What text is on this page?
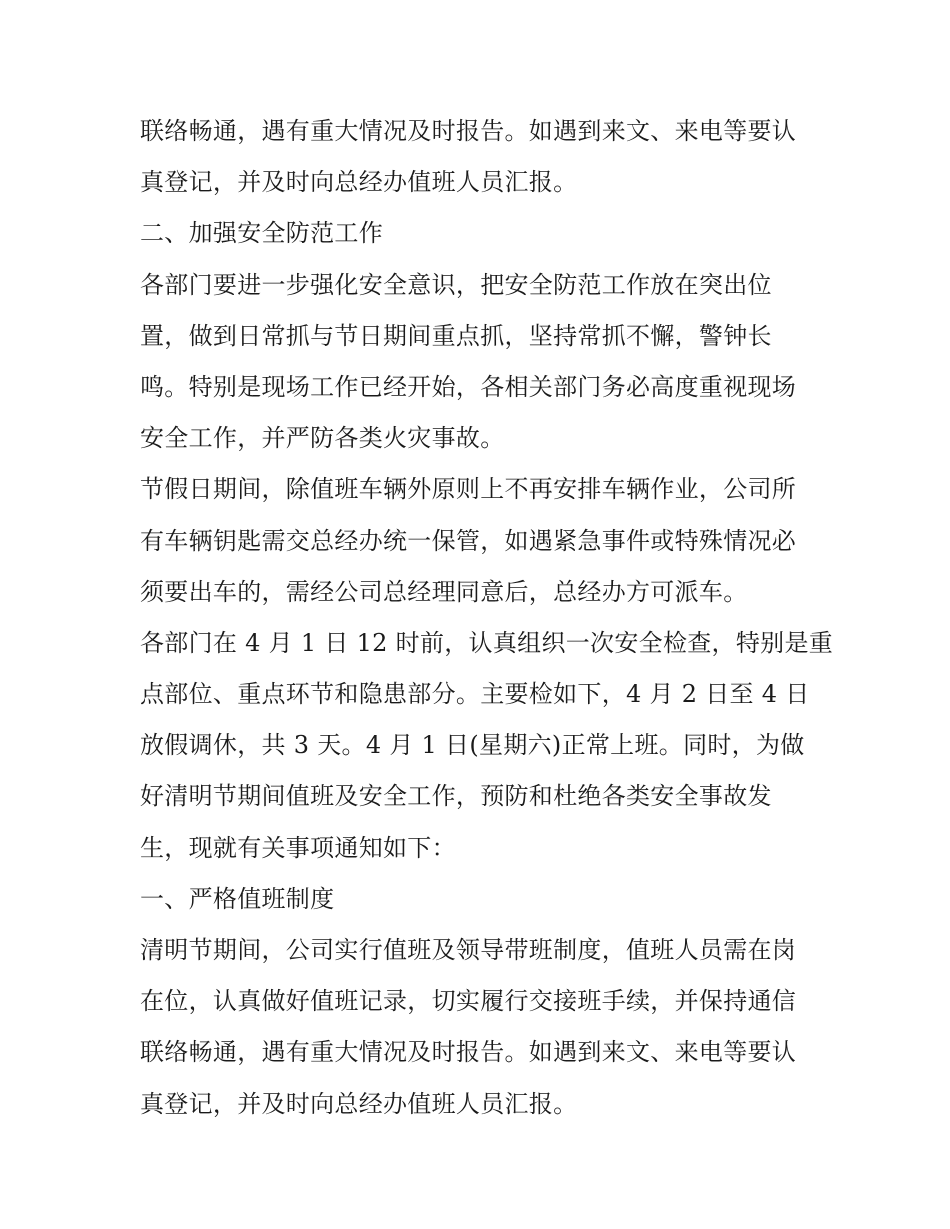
联络畅通，遇有重大情况及时报告。如遇到来文、来电等要认
真登记，并及时向总经办值班人员汇报。
二、加强安全防范工作
各部门要进一步强化安全意识，把安全防范工作放在突出位
置，做到日常抓与节日期间重点抓，坚持常抓不懈，警钟长
鸣。特别是现场工作已经开始，各相关部门务必高度重视现场
安全工作，并严防各类火灾事故。
节假日期间，除值班车辆外原则上不再安排车辆作业，公司所
有车辆钥匙需交总经办统一保管，如遇紧急事件或特殊情况必
须要出车的，需经公司总经理同意后，总经办方可派车。
各部门在 4 月 1 日 12 时前，认真组织一次安全检查，特别是重
点部位、重点环节和隐患部分。主要检如下，4 月 2 日至 4 日
放假调休，共 3 天。4 月 1 日(星期六)正常上班。同时，为做
好清明节期间值班及安全工作，预防和杜绝各类安全事故发
生，现就有关事项通知如下：
一、严格值班制度
清明节期间，公司实行值班及领导带班制度，值班人员需在岗
在位，认真做好值班记录，切实履行交接班手续，并保持通信
联络畅通，遇有重大情况及时报告。如遇到来文、来电等要认
真登记，并及时向总经办值班人员汇报。
